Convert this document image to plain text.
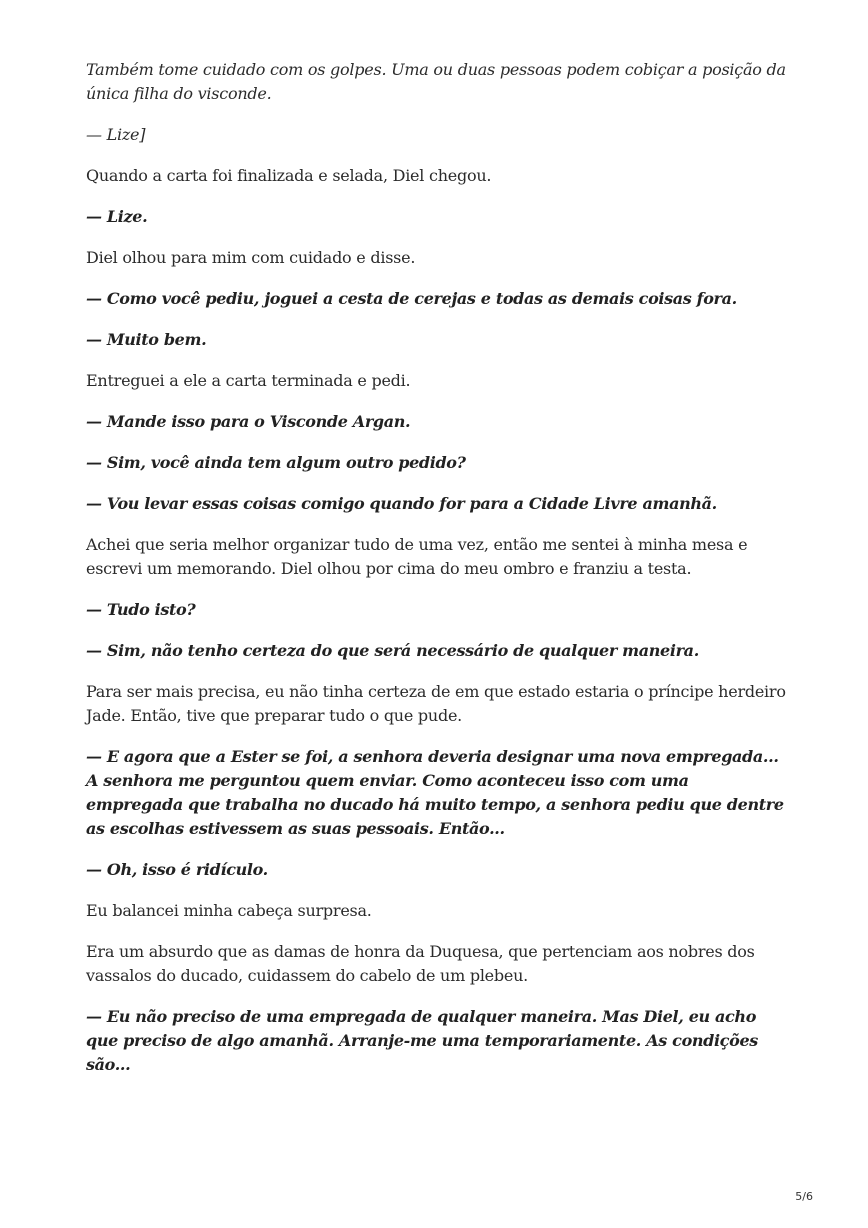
Também tome cuidado com os golpes. Uma ou duas pessoas podem cobiçar a posição da única filha do visconde.

— Lize]

Quando a carta foi finalizada e selada, Diel chegou.

— Lize.

Diel olhou para mim com cuidado e disse.

— Como você pediu, joguei a cesta de cerejas e todas as demais coisas fora.

— Muito bem.

Entreguei a ele a carta terminada e pedi.

— Mande isso para o Visconde Argan.

— Sim, você ainda tem algum outro pedido?

— Vou levar essas coisas comigo quando for para a Cidade Livre amanhã.

Achei que seria melhor organizar tudo de uma vez, então me sentei à minha mesa e escrevi um memorando. Diel olhou por cima do meu ombro e franziu a testa.

— Tudo isto?

— Sim, não tenho certeza do que será necessário de qualquer maneira.

Para ser mais precisa, eu não tinha certeza de em que estado estaria o príncipe herdeiro Jade. Então, tive que preparar tudo o que pude.

— E agora que a Ester se foi, a senhora deveria designar uma nova empregada... A senhora me perguntou quem enviar. Como aconteceu isso com uma empregada que trabalha no ducado há muito tempo, a senhora pediu que dentre as escolhas estivessem as suas pessoais. Então...

— Oh, isso é ridículo.

Eu balancei minha cabeça surpresa.

Era um absurdo que as damas de honra da Duquesa, que pertenciam aos nobres dos vassalos do ducado, cuidassem do cabelo de um plebeu.

— Eu não preciso de uma empregada de qualquer maneira. Mas Diel, eu acho que preciso de algo amanhã. Arranje-me uma temporariamente. As condições são...

5/6
